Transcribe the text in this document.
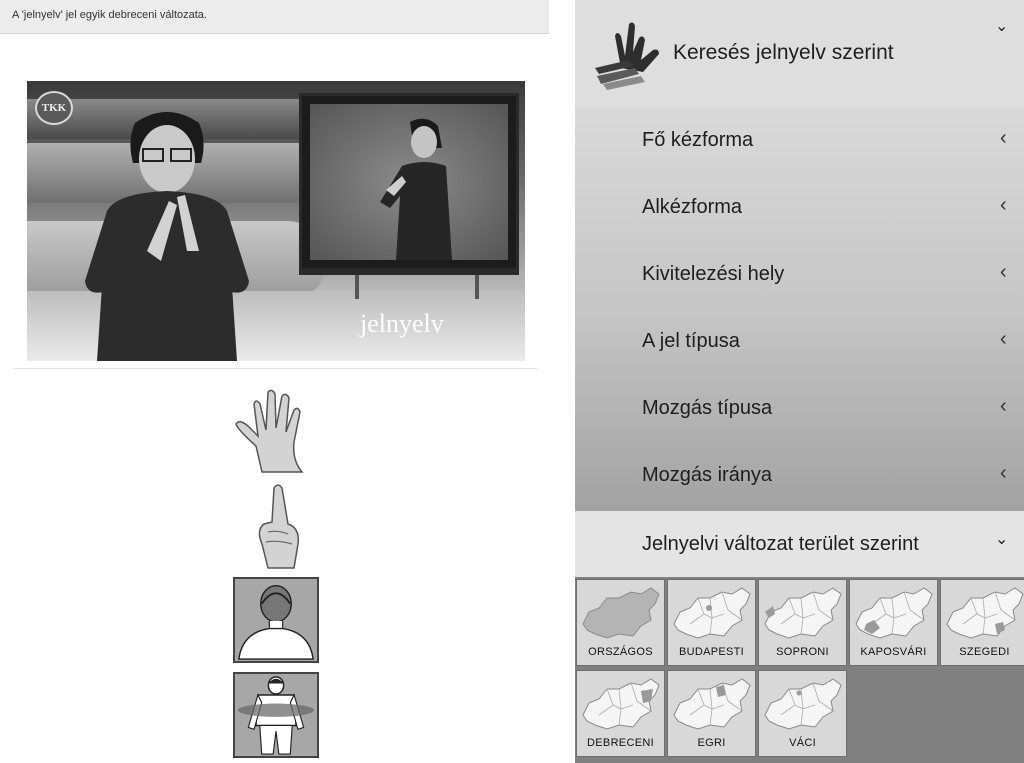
A 'jelnyelv' jel egyik debreceni változata.
TKK
jelnyelv
Keresés jelnyelv szerint
⌄
Fő kézforma	‹
Alkézforma	‹
Kivitelezési hely	‹
A jel típusa	‹
Mozgás típusa	‹
Mozgás iránya	‹
Jelnyelvi változat terület szerint	⌄
ORSZÁGOS	BUDAPESTI	SOPRONI	KAPOSVÁRI	SZEGEDI
DEBRECENI	EGRI	VÁCI
